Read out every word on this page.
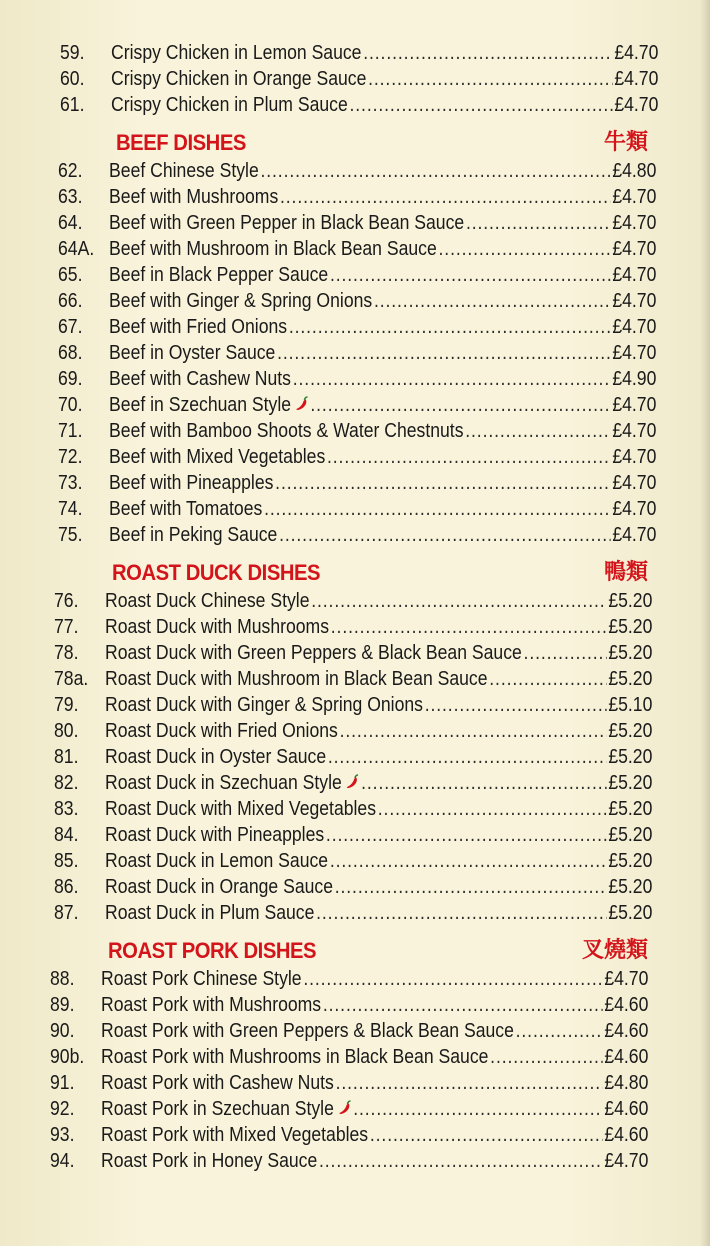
59.	Crispy Chicken in Lemon Sauce .....	£4.70
60.	Crispy Chicken in Orange Sauce .....	£4.70
61.	Crispy Chicken in Plum Sauce .....	£4.70
BEEF DISHES	牛類
62.	Beef Chinese Style .....	£4.80
63.	Beef with Mushrooms .....	£4.70
64.	Beef with Green Pepper in Black Bean Sauce .....	£4.70
64A. Beef with Mushroom in Black Bean Sauce .....	£4.70
65.	Beef in Black Pepper Sauce .....	£4.70
66.	Beef with Ginger & Spring Onions .....	£4.70
67.	Beef with Fried Onions .....	£4.70
68.	Beef in Oyster Sauce .....	£4.70
69.	Beef with Cashew Nuts .....	£4.90
70.	Beef in Szechuan Style .....	£4.70
71.	Beef with Bamboo Shoots & Water Chestnuts .....	£4.70
72.	Beef with Mixed Vegetables .....	£4.70
73.	Beef with Pineapples .....	£4.70
74.	Beef with Tomatoes .....	£4.70
75.	Beef in Peking Sauce .....	£4.70
ROAST DUCK DISHES	鴨類
76.	Roast Duck Chinese Style .....	£5.20
77.	Roast Duck with Mushrooms .....	£5.20
78.	Roast Duck with Green Peppers & Black Bean Sauce .....	£5.20
78a. Roast Duck with Mushroom in Black Bean Sauce .....	£5.20
79.	Roast Duck with Ginger & Spring Onions .....	£5.10
80.	Roast Duck with Fried Onions .....	£5.20
81.	Roast Duck in Oyster Sauce .....	£5.20
82.	Roast Duck in Szechuan Style .....	£5.20
83.	Roast Duck with Mixed Vegetables .....	£5.20
84.	Roast Duck with Pineapples .....	£5.20
85.	Roast Duck in Lemon Sauce .....	£5.20
86.	Roast Duck in Orange Sauce .....	£5.20
87.	Roast Duck in Plum Sauce .....	£5.20
ROAST PORK DISHES	叉燒類
88.	Roast Pork Chinese Style .....	£4.70
89.	Roast Pork with Mushrooms .....	£4.60
90.	Roast Pork with Green Peppers & Black Bean Sauce .....	£4.60
90b. Roast Pork with Mushrooms in Black Bean Sauce .....	£4.60
91.	Roast Pork with Cashew Nuts .....	£4.80
92.	Roast Pork in Szechuan Style .....	£4.60
93.	Roast Pork with Mixed Vegetables .....	£4.60
94.	Roast Pork in Honey Sauce .....	£4.70
